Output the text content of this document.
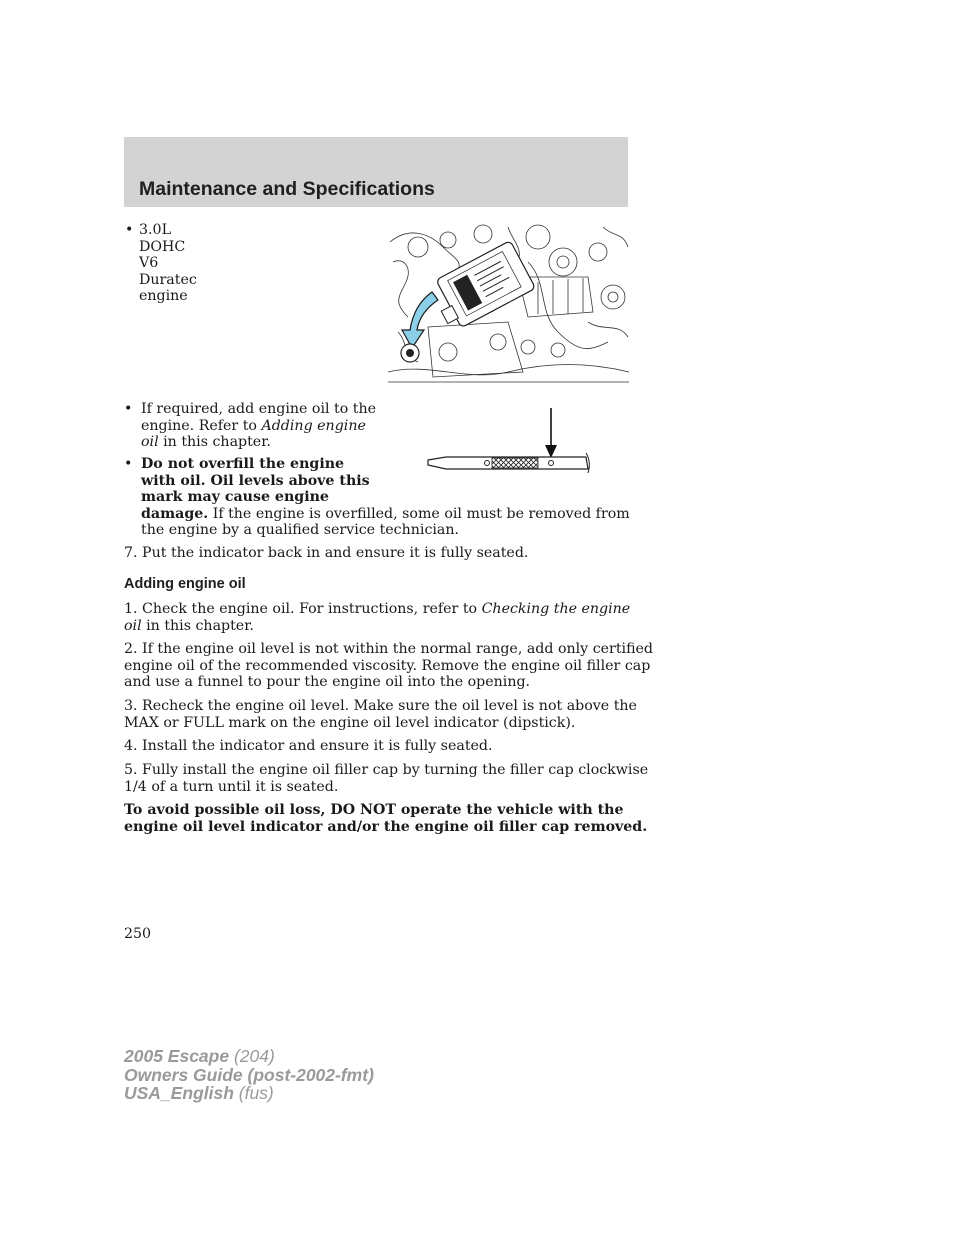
Maintenance and Specifications
• 3.0L DOHC V6 Duratec engine
• If required, add engine oil to the
engine. Refer to Adding engine
oil in this chapter.
• Do not overfill the engine
with oil. Oil levels above this
mark may cause engine
damage. If the engine is overfilled, some oil must be removed from
the engine by a qualified service technician.
7. Put the indicator back in and ensure it is fully seated.
Adding engine oil
1. Check the engine oil. For instructions, refer to Checking the engine
oil in this chapter.
2. If the engine oil level is not within the normal range, add only certified
engine oil of the recommended viscosity. Remove the engine oil filler cap
and use a funnel to pour the engine oil into the opening.
3. Recheck the engine oil level. Make sure the oil level is not above the
MAX or FULL mark on the engine oil level indicator (dipstick).
4. Install the indicator and ensure it is fully seated.
5. Fully install the engine oil filler cap by turning the filler cap clockwise
1/4 of a turn until it is seated.
To avoid possible oil loss, DO NOT operate the vehicle with the
engine oil level indicator and/or the engine oil filler cap removed.
250
2005 Escape (204)
Owners Guide (post-2002-fmt)
USA_English (fus)
